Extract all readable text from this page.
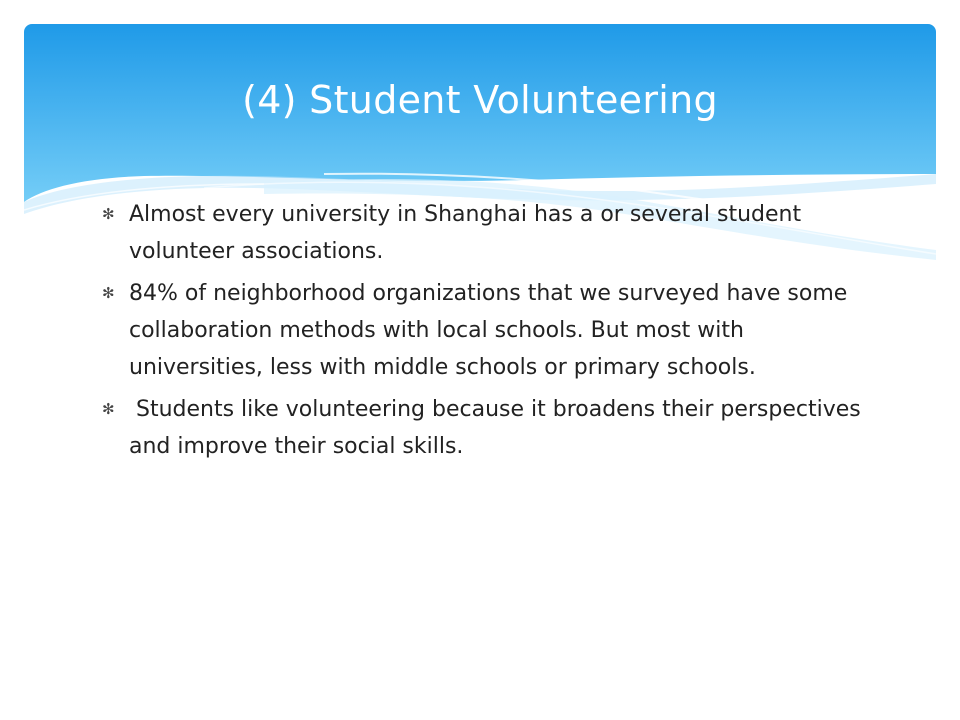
(4) Student Volunteering
✻ Almost every university in Shanghai has a or several student volunteer associations.
✻ 84% of neighborhood organizations that we surveyed have some collaboration methods with local schools. But most with universities, less with middle schools or primary schools.
✻ Students like volunteering because it broadens their perspectives and improve their social skills.
